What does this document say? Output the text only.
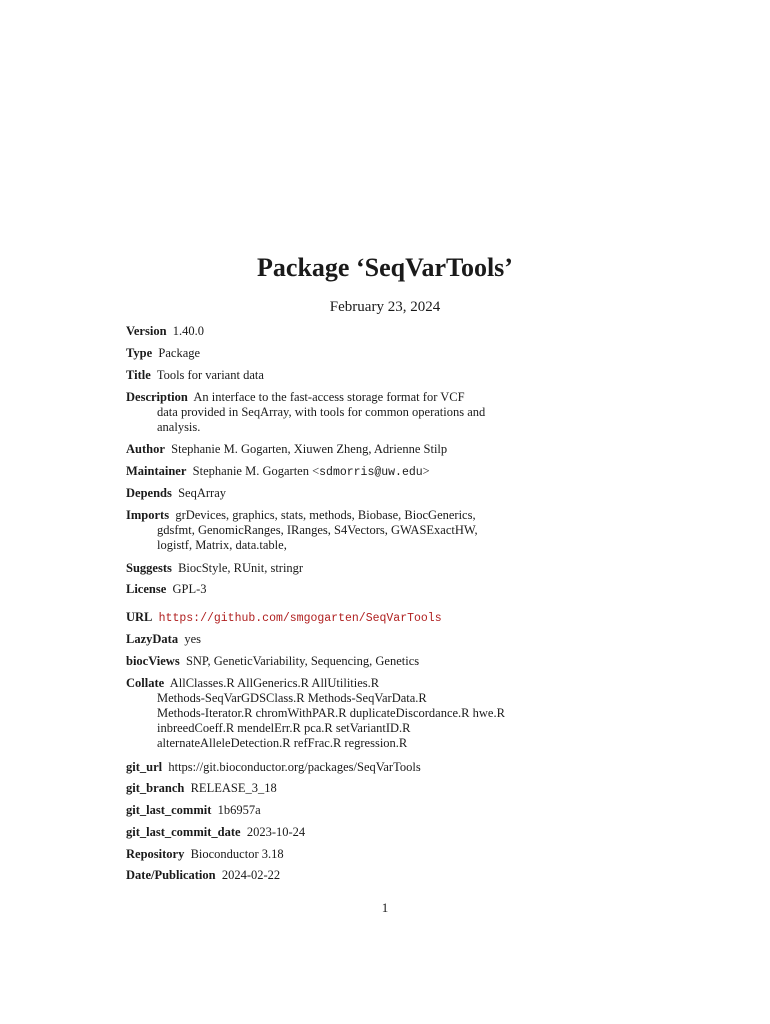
Package ‘SeqVarTools’
February 23, 2024
Version 1.40.0
Type Package
Title Tools for variant data
Description An interface to the fast-access storage format for VCF
data provided in SeqArray, with tools for common operations and
analysis.
Author Stephanie M. Gogarten, Xiuwen Zheng, Adrienne Stilp
Maintainer Stephanie M. Gogarten <sdmorris@uw.edu>
Depends SeqArray
Imports grDevices, graphics, stats, methods, Biobase, BiocGenerics,
gdsfmt, GenomicRanges, IRanges, S4Vectors, GWASExactHW,
logistf, Matrix, data.table,
Suggests BiocStyle, RUnit, stringr
License GPL-3
URL https://github.com/smgogarten/SeqVarTools
LazyData yes
biocViews SNP, GeneticVariability, Sequencing, Genetics
Collate AllClasses.R AllGenerics.R AllUtilities.R
Methods-SeqVarGDSClass.R Methods-SeqVarData.R
Methods-Iterator.R chromWithPAR.R duplicateDiscordance.R hwe.R
inbreedCoeff.R mendelErr.R pca.R setVariantID.R
alternateAlleleDetection.R refFrac.R regression.R
git_url https://git.bioconductor.org/packages/SeqVarTools
git_branch RELEASE_3_18
git_last_commit 1b6957a
git_last_commit_date 2023-10-24
Repository Bioconductor 3.18
Date/Publication 2024-02-22
1
